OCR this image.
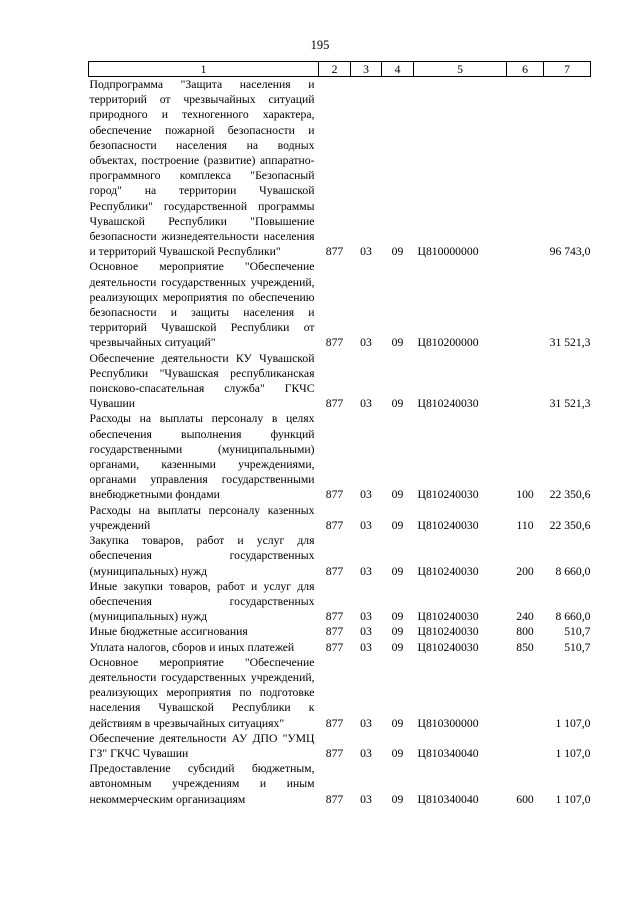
195
1	2	3	4	5	6	7
Подпрограмма "Защита населения и территорий от чрезвычайных ситуаций природного и техногенного характера, обеспечение пожарной безопасности и безопасности населения на водных объектах, построение (развитие) аппаратно-программного комплекса "Безопасный город" на территории Чувашской Республики" государственной программы Чувашской Республики "Повышение безопасности жизнедеятельности населения и территорий Чувашской Республики"	877	03	09	Ц810000000		96 743,0
Основное мероприятие "Обеспечение деятельности государственных учреждений, реализующих мероприятия по обеспечению безопасности и защиты населения и территорий Чувашской Республики от чрезвычайных ситуаций"	877	03	09	Ц810200000		31 521,3
Обеспечение деятельности КУ Чувашской Республики "Чувашская республиканская поисково-спасательная служба" ГКЧС Чувашии	877	03	09	Ц810240030		31 521,3
Расходы на выплаты персоналу в целях обеспечения выполнения функций государственными (муниципальными) органами, казенными учреждениями, органами управления государственными внебюджетными фондами	877	03	09	Ц810240030	100	22 350,6
Расходы на выплаты персоналу казенных учреждений	877	03	09	Ц810240030	110	22 350,6
Закупка товаров, работ и услуг для обеспечения государственных (муниципальных) нужд	877	03	09	Ц810240030	200	8 660,0
Иные закупки товаров, работ и услуг для обеспечения государственных (муниципальных) нужд	877	03	09	Ц810240030	240	8 660,0
Иные бюджетные ассигнования	877	03	09	Ц810240030	800	510,7
Уплата налогов, сборов и иных платежей	877	03	09	Ц810240030	850	510,7
Основное мероприятие "Обеспечение деятельности государственных учреждений, реализующих мероприятия по подготовке населения Чувашской Республики к действиям в чрезвычайных ситуациях"	877	03	09	Ц810300000		1 107,0
Обеспечение деятельности АУ ДПО "УМЦ ГЗ" ГКЧС Чувашии	877	03	09	Ц810340040		1 107,0
Предоставление субсидий бюджетным, автономным учреждениям и иным некоммерческим организациям	877	03	09	Ц810340040	600	1 107,0
